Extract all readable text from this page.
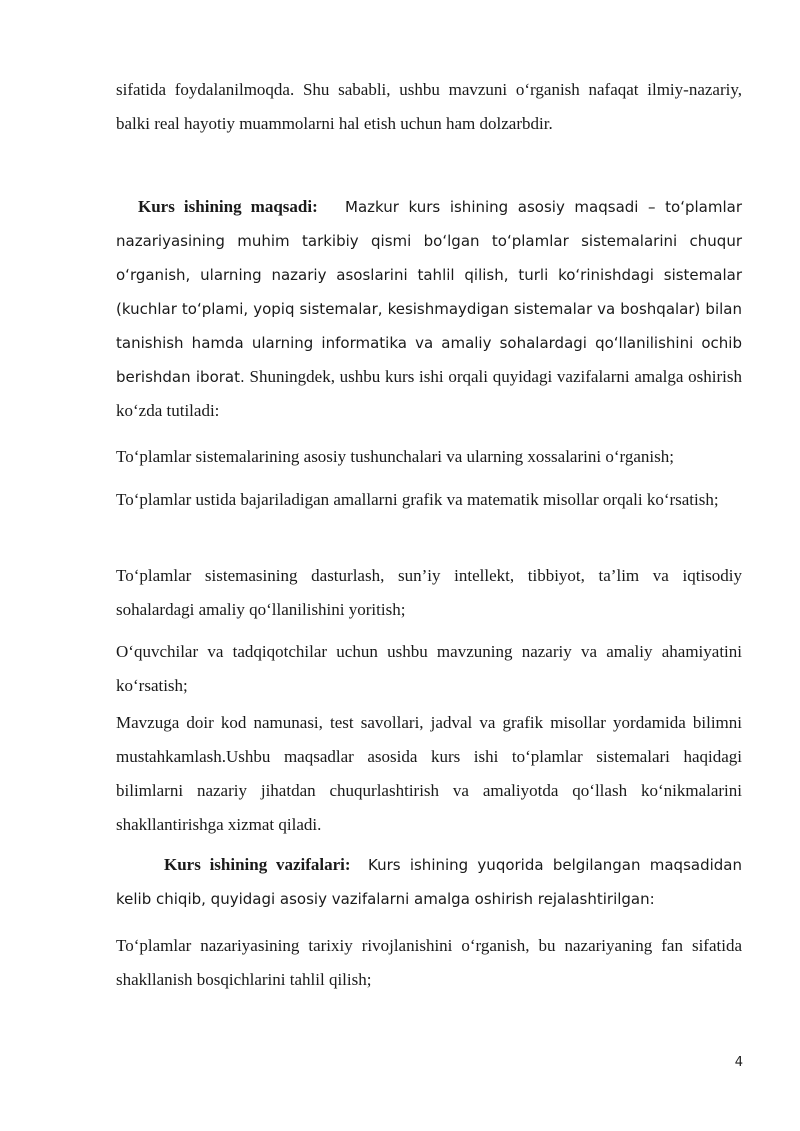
sifatida foydalanilmoqda. Shu sababli, ushbu mavzuni o‘rganish nafaqat ilmiy-nazariy, balki real hayotiy muammolarni hal etish uchun ham dolzarbdir.

Kurs ishining maqsadi: Mazkur kurs ishining asosiy maqsadi – toʻplamlar nazariyasining muhim tarkibiy qismi boʻlgan toʻplamlar sistemalarini chuqur oʻrganish, ularning nazariy asoslarini tahlil qilish, turli koʻrinishdagi sistemalar (kuchlar toʻplami, yopiq sistemalar, kesishmaydigan sistemalar va boshqalar) bilan tanishish hamda ularning informatika va amaliy sohalardagi qoʻllanilishini ochib berishdan iborat. Shuningdek, ushbu kurs ishi orqali quyidagi vazifalarni amalga oshirish ko‘zda tutiladi:

To‘plamlar sistemalarining asosiy tushunchalari va ularning xossalarini o‘rganish;

To‘plamlar ustida bajariladigan amallarni grafik va matematik misollar orqali ko‘rsatish;

To‘plamlar sistemasining dasturlash, sun’iy intellekt, tibbiyot, ta’lim va iqtisodiy sohalardagi amaliy qo‘llanilishini yoritish;

O‘quvchilar va tadqiqotchilar uchun ushbu mavzuning nazariy va amaliy ahamiyatini ko‘rsatish;

Mavzuga doir kod namunasi, test savollari, jadval va grafik misollar yordamida bilimni mustahkamlash.Ushbu maqsadlar asosida kurs ishi to‘plamlar sistemalari haqidagi bilimlarni nazariy jihatdan chuqurlashtirish va amaliyotda qo‘llash ko‘nikmalarini shakllantirishga xizmat qiladi.

Kurs ishining vazifalari: Kurs ishining yuqorida belgilangan maqsadidan kelib chiqib, quyidagi asosiy vazifalarni amalga oshirish rejalashtirilgan:

To‘plamlar nazariyasining tarixiy rivojlanishini o‘rganish, bu nazariyaning fan sifatida shakllanish bosqichlarini tahlil qilish;

4
